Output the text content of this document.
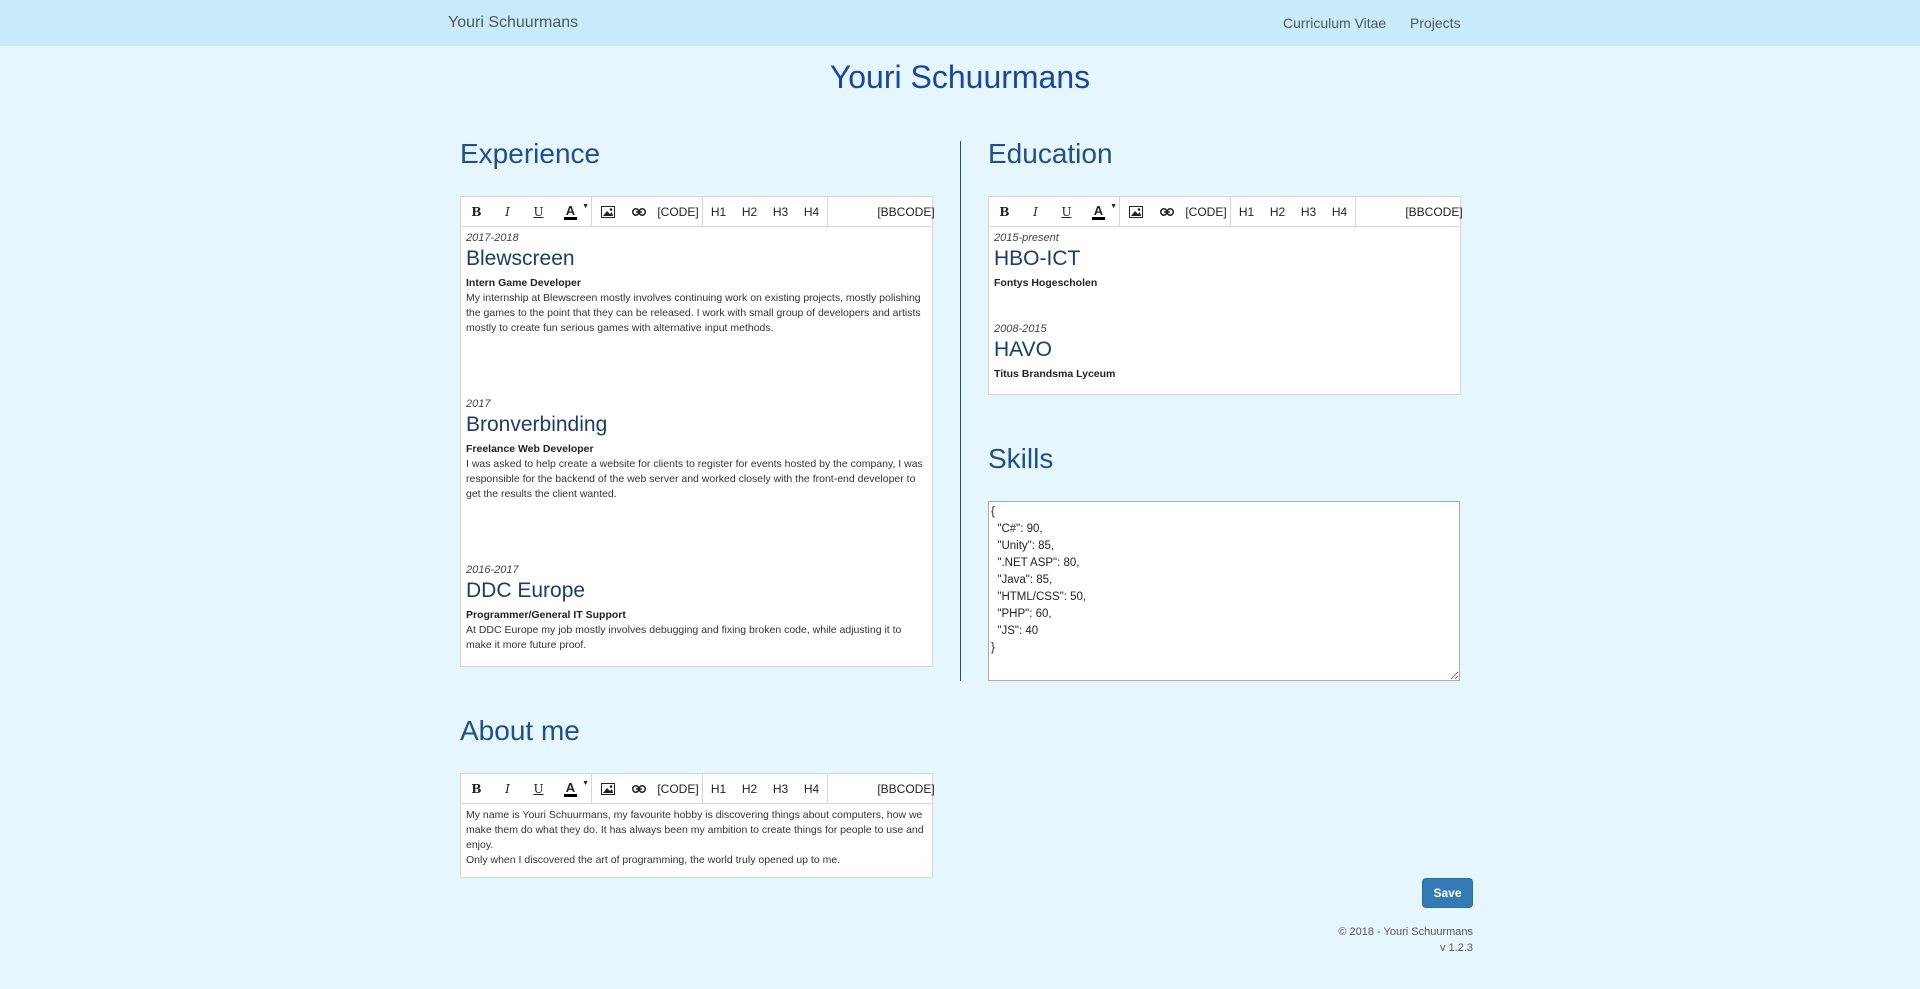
Youri Schuurmans	Curriculum Vitae Projects
Youri Schuurmans
Experience
B	I	U	A ▼	[CODE]	H1	H2	H3	H4	[BBCODE]
2017-2018
Blewscreen
Intern Game Developer
My internship at Blewscreen mostly involves continuing work on existing projects, mostly polishing the games to the point that they can be released. I work with small group of developers and artists mostly to create fun serious games with alternative input methods.
2017
Bronverbinding
Freelance Web Developer
I was asked to help create a website for clients to register for events hosted by the company, I was responsible for the backend of the web server and worked closely with the front-end developer to get the results the client wanted.
2016-2017
DDC Europe
Programmer/General IT Support
At DDC Europe my job mostly involves debugging and fixing broken code, while adjusting it to make it more future proof.
Education
B	I	U	A ▼	[CODE]	H1	H2	H3	H4	[BBCODE]
2015-present
HBO-ICT
Fontys Hogescholen
2008-2015
HAVO
Titus Brandsma Lyceum
Skills
{ "C#": 90, "Unity": 85, ".NET ASP": 80, "Java": 85, "HTML/CSS": 50, "PHP": 60, "JS": 40 }
About me
B	I	U	A ▼	[CODE]	H1	H2	H3	H4	[BBCODE]
My name is Youri Schuurmans, my favourite hobby is discovering things about computers, how we make them do what they do. It has always been my ambition to create things for people to use and enjoy.
Only when I discovered the art of programming, the world truly opened up to me.
Save
© 2018 - Youri Schuurmans
v 1.2.3
